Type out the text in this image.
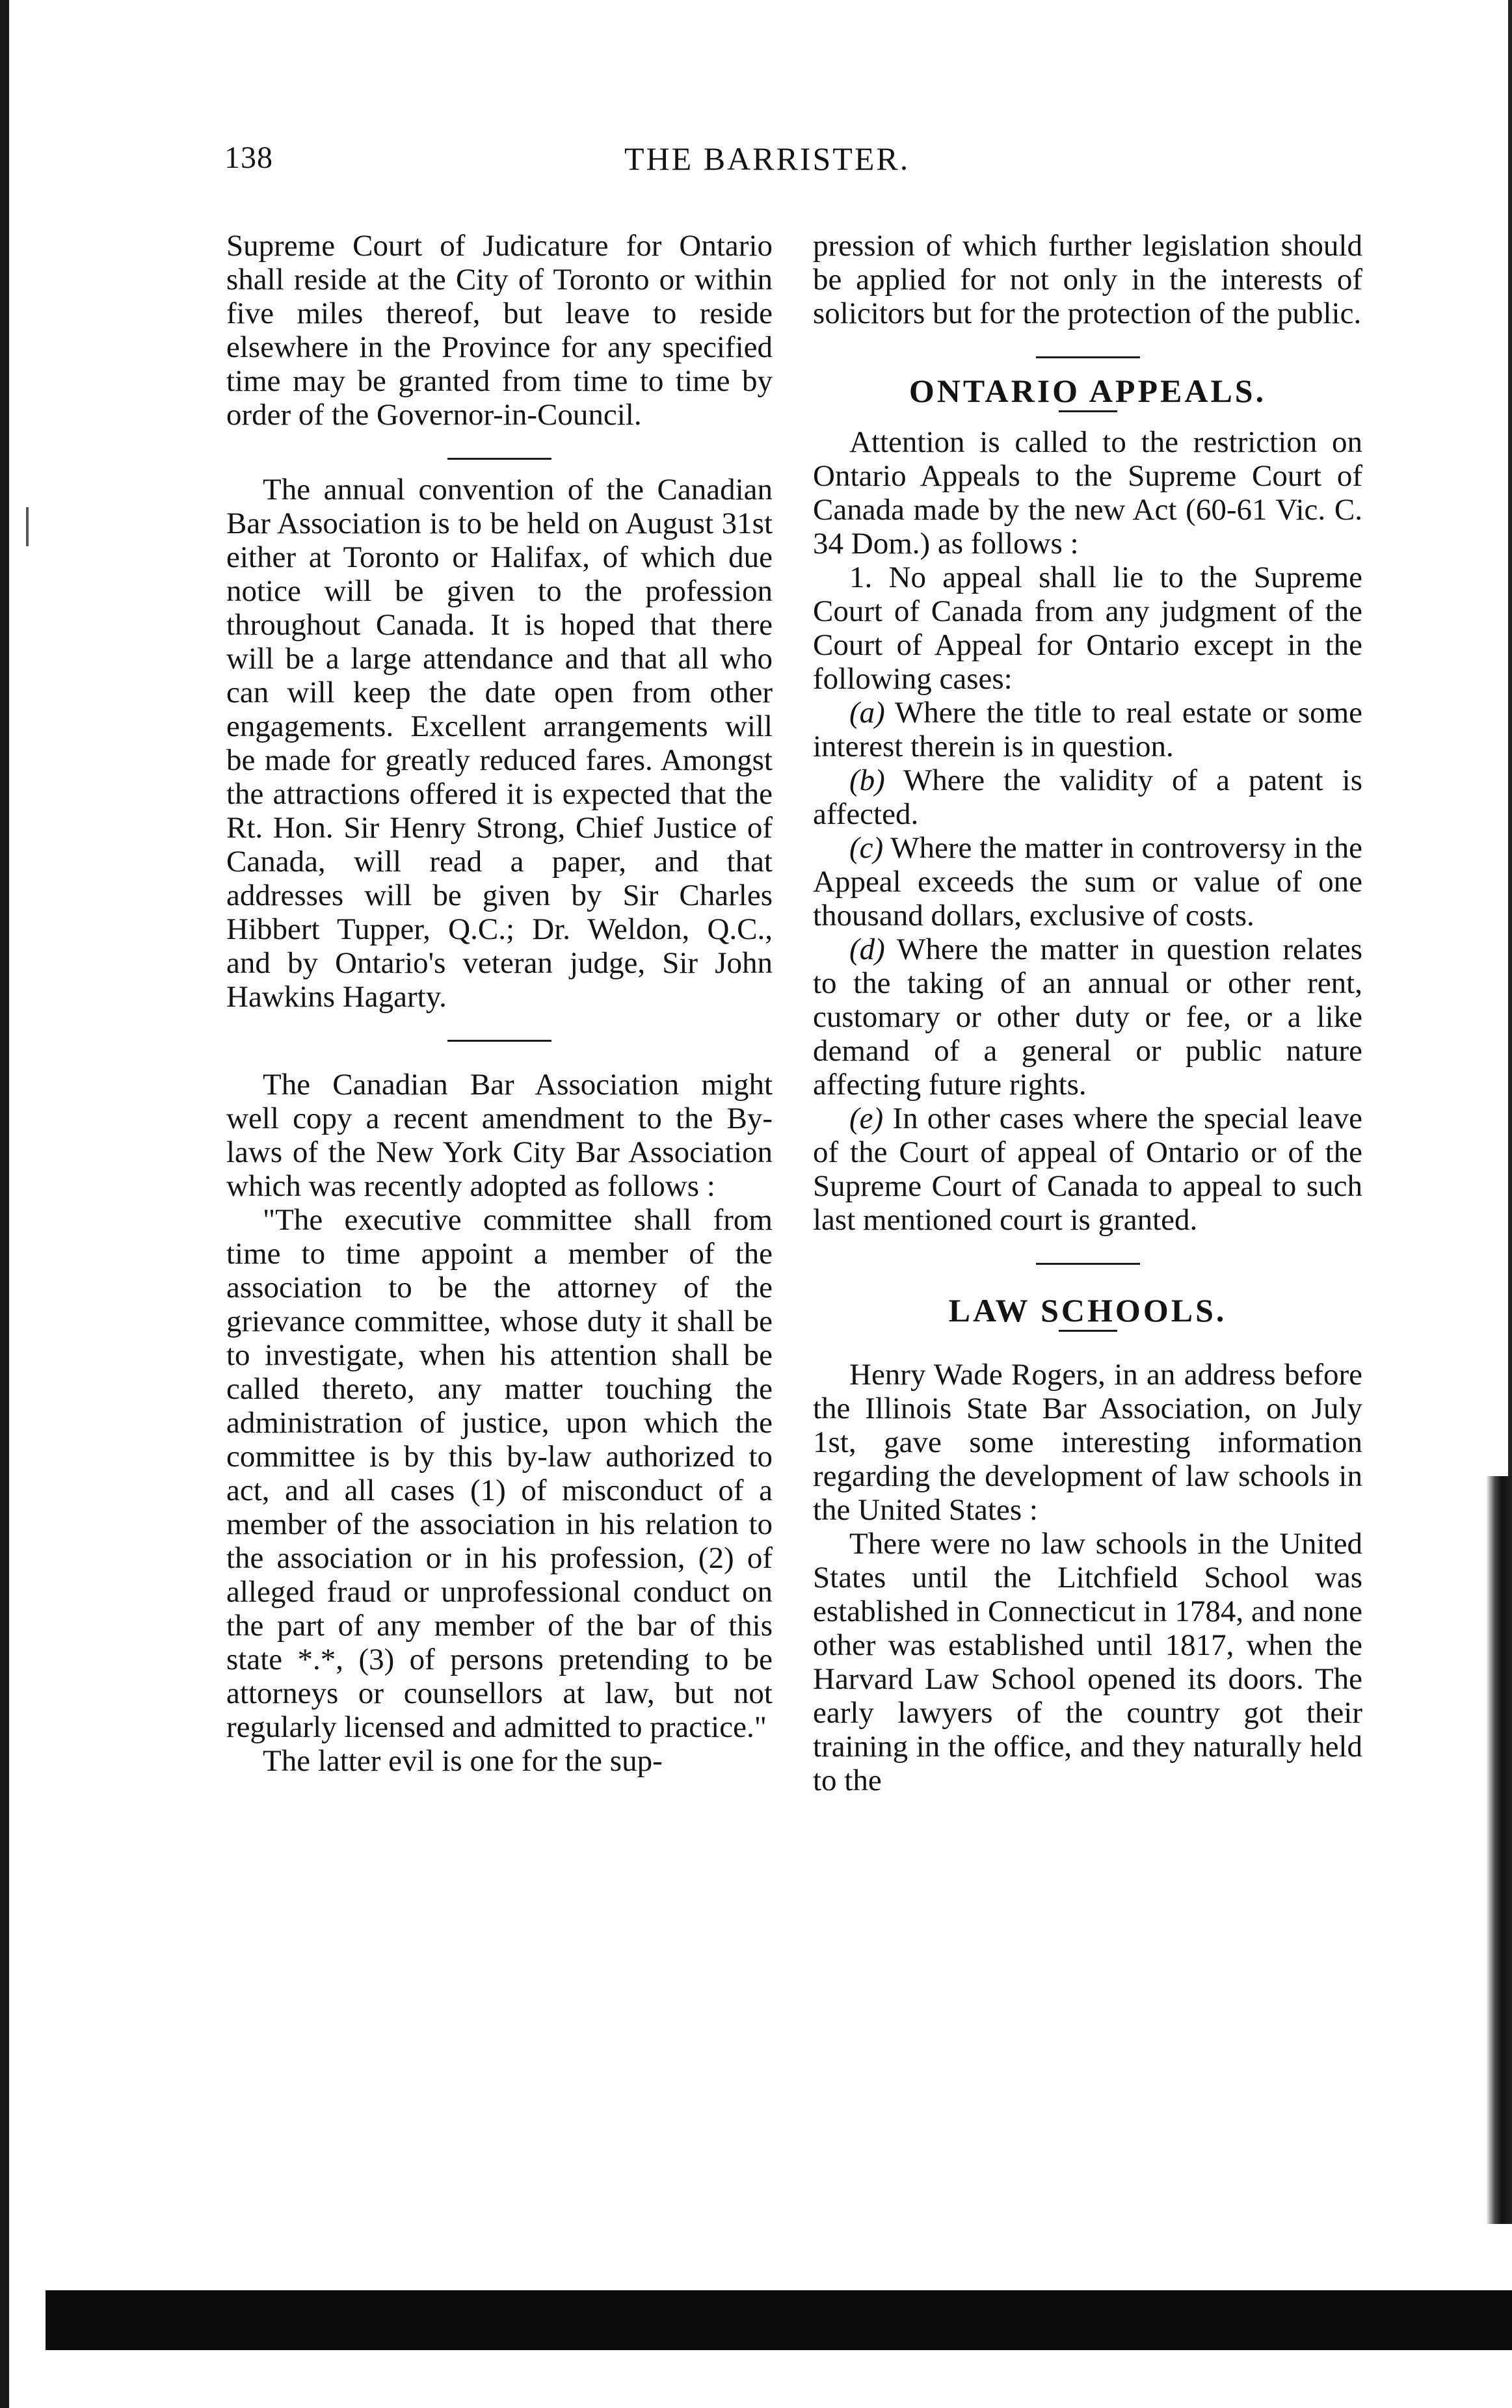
138	THE BARRISTER.

Supreme Court of Judicature for Ontario shall reside at the City of Toronto or within five miles thereof, but leave to reside elsewhere in the Province for any specified time may be granted from time to time by order of the Governor-in-Council.

The annual convention of the Canadian Bar Association is to be held on August 31st either at Toronto or Halifax, of which due notice will be given to the profession throughout Canada. It is hoped that there will be a large attendance and that all who can will keep the date open from other engagements. Excellent arrangements will be made for greatly reduced fares. Amongst the attractions offered it is expected that the Rt. Hon. Sir Henry Strong, Chief Justice of Canada, will read a paper, and that addresses will be given by Sir Charles Hibbert Tupper, Q.C.; Dr. Weldon, Q.C., and by Ontario's veteran judge, Sir John Hawkins Hagarty.

The Canadian Bar Association might well copy a recent amendment to the By-laws of the New York City Bar Association which was recently adopted as follows :

"The executive committee shall from time to time appoint a member of the association to be the attorney of the grievance committee, whose duty it shall be to investigate, when his attention shall be called thereto, any matter touching the administration of justice, upon which the committee is by this by-law authorized to act, and all cases (1) of misconduct of a member of the association in his relation to the association or in his profession, (2) of alleged fraud or unprofessional conduct on the part of any member of the bar of this state *.*, (3) of persons pretending to be attorneys or counsellors at law, but not regularly licensed and admitted to practice."

The latter evil is one for the sup-

pression of which further legislation should be applied for not only in the interests of solicitors but for the protection of the public.

ONTARIO APPEALS.

Attention is called to the restriction on Ontario Appeals to the Supreme Court of Canada made by the new Act (60-61 Vic. C. 34 Dom.) as follows :

1. No appeal shall lie to the Supreme Court of Canada from any judgment of the Court of Appeal for Ontario except in the following cases:

(a) Where the title to real estate or some interest therein is in question.

(b) Where the validity of a patent is affected.

(c) Where the matter in controversy in the Appeal exceeds the sum or value of one thousand dollars, exclusive of costs.

(d) Where the matter in question relates to the taking of an annual or other rent, customary or other duty or fee, or a like demand of a general or public nature affecting future rights.

(e) In other cases where the special leave of the Court of appeal of Ontario or of the Supreme Court of Canada to appeal to such last mentioned court is granted.

LAW SCHOOLS.

Henry Wade Rogers, in an address before the Illinois State Bar Association, on July 1st, gave some interesting information regarding the development of law schools in the United States :

There were no law schools in the United States until the Litchfield School was established in Connecticut in 1784, and none other was established until 1817, when the Harvard Law School opened its doors. The early lawyers of the country got their training in the office, and they naturally held to the
